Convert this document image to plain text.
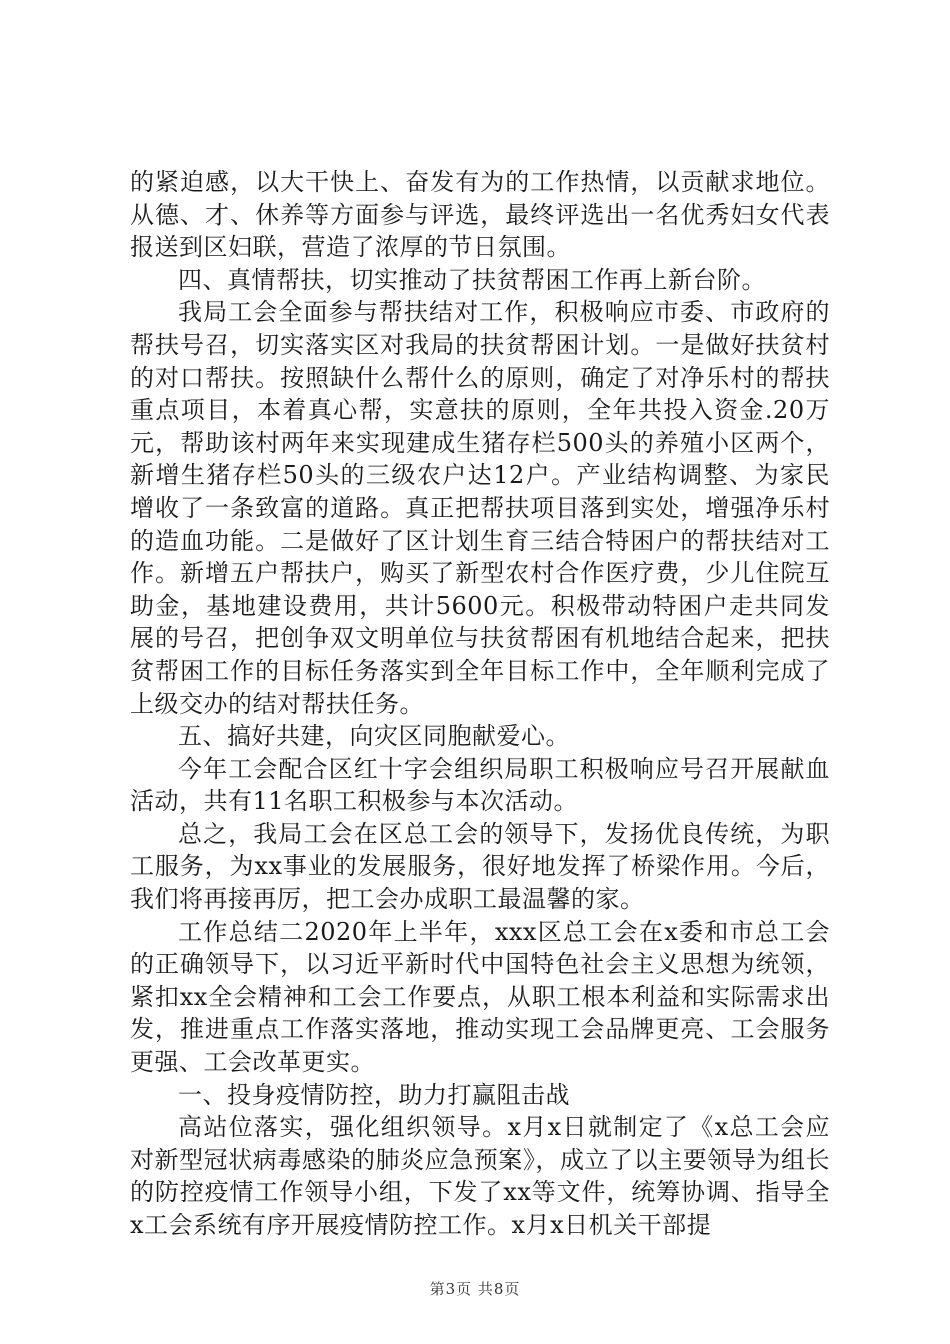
的紧迫感，以大干快上、奋发有为的工作热情，以贡献求地位。从德、才、休养等方面参与评选，最终评选出一名优秀妇女代表报送到区妇联，营造了浓厚的节日氛围。

四、真情帮扶，切实推动了扶贫帮困工作再上新台阶。

我局工会全面参与帮扶结对工作，积极响应市委、市政府的帮扶号召，切实落实区对我局的扶贫帮困计划。一是做好扶贫村的对口帮扶。按照缺什么帮什么的原则，确定了对净乐村的帮扶重点项目，本着真心帮，实意扶的原则，全年共投入资金.20万元，帮助该村两年来实现建成生猪存栏500头的养殖小区两个，新增生猪存栏50头的三级农户达12户。产业结构调整、为家民增收了一条致富的道路。真正把帮扶项目落到实处，增强净乐村的造血功能。二是做好了区计划生育三结合特困户的帮扶结对工作。新增五户帮扶户，购买了新型农村合作医疗费，少儿住院互助金，基地建设费用，共计5600元。积极带动特困户走共同发展的号召，把创争双文明单位与扶贫帮困有机地结合起来，把扶贫帮困工作的目标任务落实到全年目标工作中，全年顺利完成了上级交办的结对帮扶任务。

五、搞好共建，向灾区同胞献爱心。

今年工会配合区红十字会组织局职工积极响应号召开展献血活动，共有11名职工积极参与本次活动。

总之，我局工会在区总工会的领导下，发扬优良传统，为职工服务，为xx事业的发展服务，很好地发挥了桥梁作用。今后，我们将再接再厉，把工会办成职工最温馨的家。

工作总结二2020年上半年，xxx区总工会在x委和市总工会的正确领导下，以习近平新时代中国特色社会主义思想为统领，紧扣xx全会精神和工会工作要点，从职工根本利益和实际需求出发，推进重点工作落实落地，推动实现工会品牌更亮、工会服务更强、工会改革更实。

一、投身疫情防控，助力打赢阻击战

高站位落实，强化组织领导。x月x日就制定了《x总工会应对新型冠状病毒感染的肺炎应急预案》，成立了以主要领导为组长的防控疫情工作领导小组，下发了xx等文件，统筹协调、指导全x工会系统有序开展疫情防控工作。x月x日机关干部提

第3页 共8页
